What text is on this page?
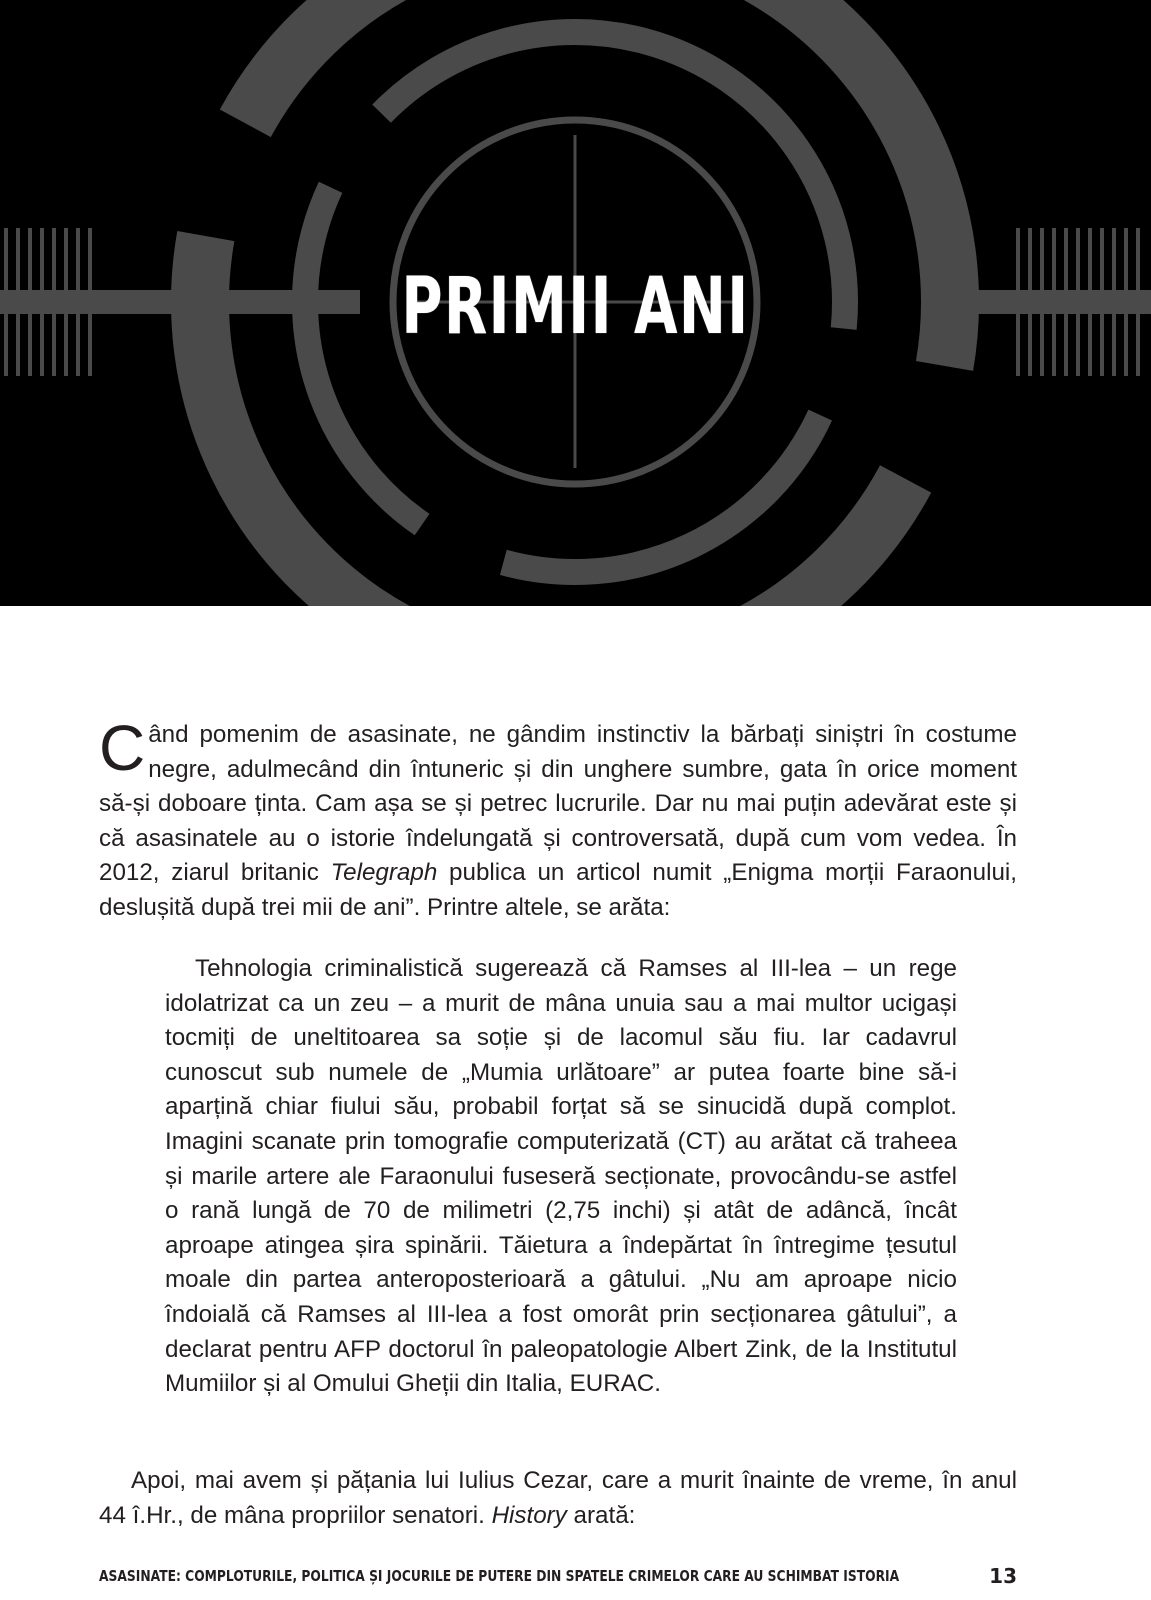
PRIMII ANI

Când pomenim de asasinate, ne gândim instinctiv la bărbați siniștri în costume negre, adulmecând din întuneric și din unghere sumbre, gata în orice moment să-și doboare ținta. Cam așa se și petrec lucrurile. Dar nu mai puțin adevărat este și că asasinatele au o istorie îndelungată și controversată, după cum vom vedea. În 2012, ziarul britanic Telegraph publica un articol numit „Enigma morții Faraonului, deslușită după trei mii de ani”. Printre altele, se arăta:

Tehnologia criminalistică sugerează că Ramses al III-lea – un rege idolatrizat ca un zeu – a murit de mâna unuia sau a mai multor ucigași tocmiți de uneltitoarea sa soție și de lacomul său fiu. Iar cadavrul cunoscut sub numele de „Mumia urlătoare” ar putea foarte bine să-i aparțină chiar fiului său, probabil forțat să se sinucidă după complot. Imagini scanate prin tomografie computerizată (CT) au arătat că traheea și marile artere ale Faraonului fuseseră secționate, provocându-se astfel o rană lungă de 70 de milimetri (2,75 inchi) și atât de adâncă, încât aproape atingea șira spinării. Tăietura a îndepărtat în întregime țesutul moale din partea anteroposterioară a gâtului. „Nu am aproape nicio îndoială că Ramses al III-lea a fost omorât prin secționarea gâtului”, a declarat pentru AFP doctorul în paleopatologie Albert Zink, de la Institutul Mumiilor și al Omului Gheții din Italia, EURAC.

Apoi, mai avem și pățania lui Iulius Cezar, care a murit înainte de vreme, în anul 44 î.Hr., de mâna propriilor senatori. History arată:

ASASINATE: COMPLOTURILE, POLITICA ȘI JOCURILE DE PUTERE DIN SPATELE CRIMELOR CARE AU SCHIMBAT ISTORIA	13
